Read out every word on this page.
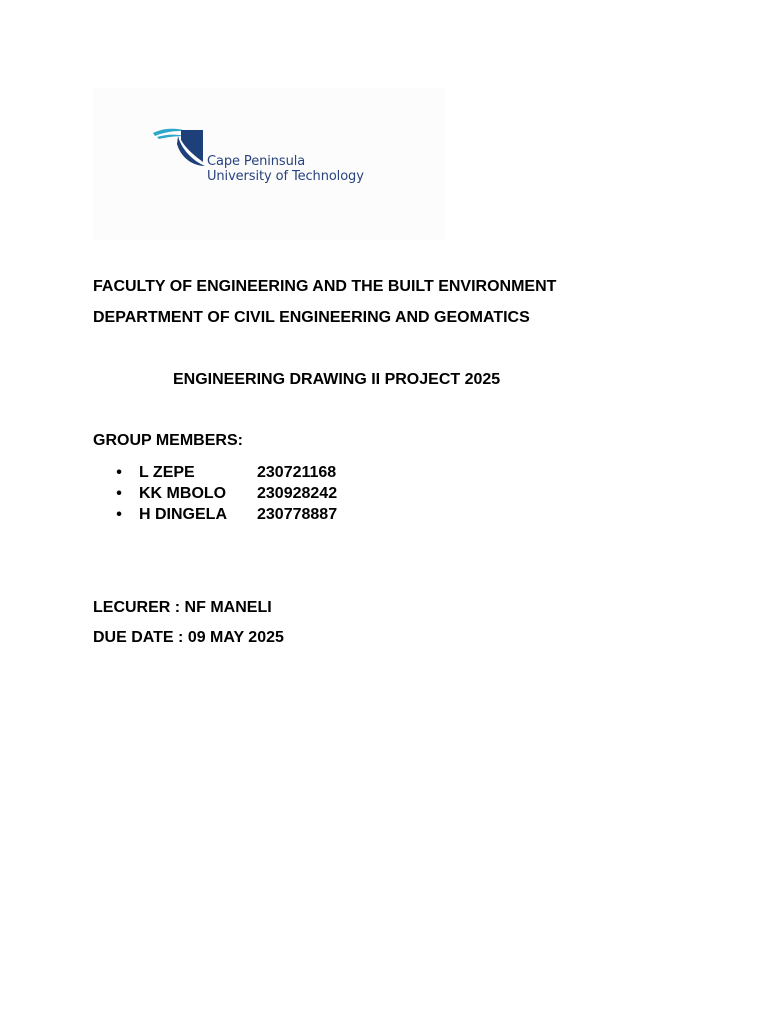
Cape Peninsula
University of Technology
FACULTY OF ENGINEERING AND THE BUILT ENVIRONMENT
DEPARTMENT OF CIVIL ENGINEERING AND GEOMATICS
ENGINEERING DRAWING II PROJECT 2025
GROUP MEMBERS:
• L ZEPE	230721168
• KK MBOLO 230928242
• H DINGELA 230778887
LECURER : NF MANELI
DUE DATE : 09 MAY 2025
